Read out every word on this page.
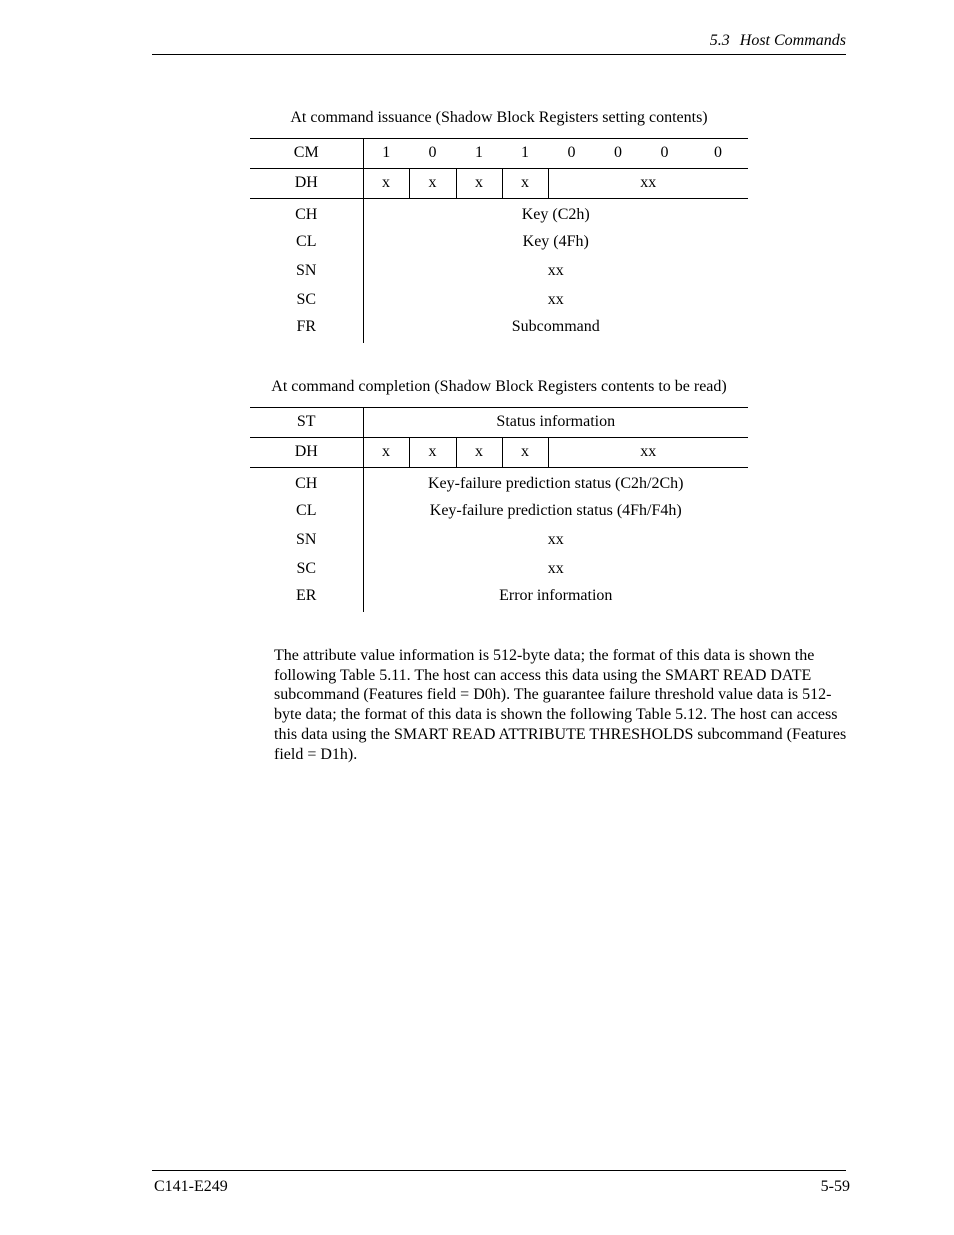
5.3 Host Commands
At command issuance (Shadow Block Registers setting contents)								
CM	1	0	1	1	0	0	0	0
DH	x	x	x	x	xx			
CH	Key (C2h)							
CL	Key (4Fh)							
SN	xx							
SC	xx							
FR	Subcommand							
At command completion (Shadow Block Registers contents to be read)					
ST	Status information				
DH	x	x	x	x	xx
CH	Key-failure prediction status (C2h/2Ch)				
CL	Key-failure prediction status (4Fh/F4h)				
SN	xx				
SC	xx				
ER	Error information				

The attribute value information is 512-byte data; the format of this data is shown the following Table 5.11. The host can access this data using the SMART READ DATE subcommand (Features field = D0h). The guarantee failure threshold value data is 512-byte data; the format of this data is shown the following Table 5.12. The host can access this data using the SMART READ ATTRIBUTE THRESHOLDS subcommand (Features field = D1h).

C141-E249	5-59
